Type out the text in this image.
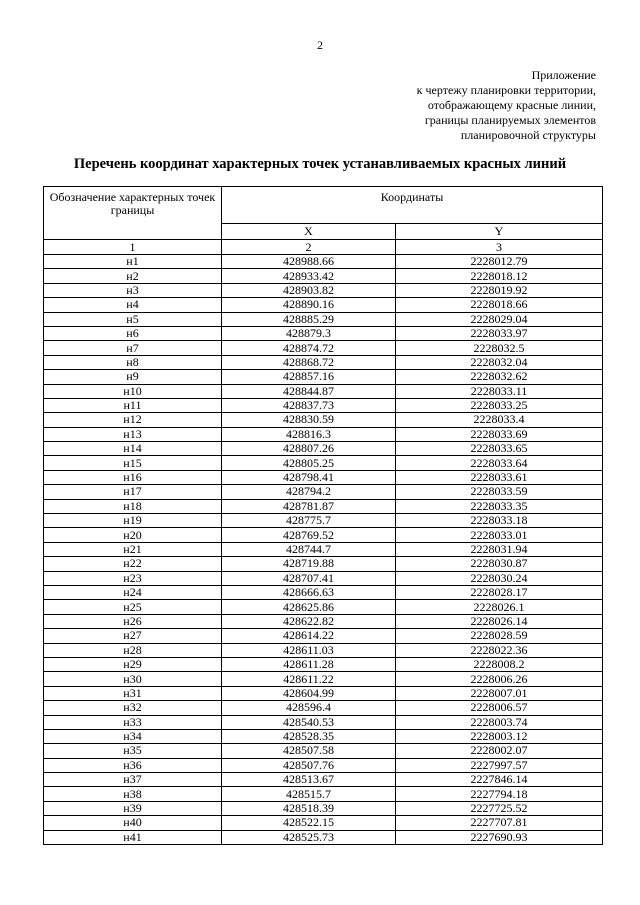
2
Приложение
к чертежу планировки территории,
отображающему красные линии,
границы планируемых элементов
планировочной структуры
Перечень координат характерных точек устанавливаемых красных линий
Обозначение характерных точек границы	Координаты	
	X	Y
1	2	3
н1	428988.66	2228012.79
н2	428933.42	2228018.12
н3	428903.82	2228019.92
н4	428890.16	2228018.66
н5	428885.29	2228029.04
н6	428879.3	2228033.97
н7	428874.72	2228032.5
н8	428868.72	2228032.04
н9	428857.16	2228032.62
н10	428844.87	2228033.11
н11	428837.73	2228033.25
н12	428830.59	2228033.4
н13	428816.3	2228033.69
н14	428807.26	2228033.65
н15	428805.25	2228033.64
н16	428798.41	2228033.61
н17	428794.2	2228033.59
н18	428781.87	2228033.35
н19	428775.7	2228033.18
н20	428769.52	2228033.01
н21	428744.7	2228031.94
н22	428719.88	2228030.87
н23	428707.41	2228030.24
н24	428666.63	2228028.17
н25	428625.86	2228026.1
н26	428622.82	2228026.14
н27	428614.22	2228028.59
н28	428611.03	2228022.36
н29	428611.28	2228008.2
н30	428611.22	2228006.26
н31	428604.99	2228007.01
н32	428596.4	2228006.57
н33	428540.53	2228003.74
н34	428528.35	2228003.12
н35	428507.58	2228002.07
н36	428507.76	2227997.57
н37	428513.67	2227846.14
н38	428515.7	2227794.18
н39	428518.39	2227725.52
н40	428522.15	2227707.81
н41	428525.73	2227690.93
